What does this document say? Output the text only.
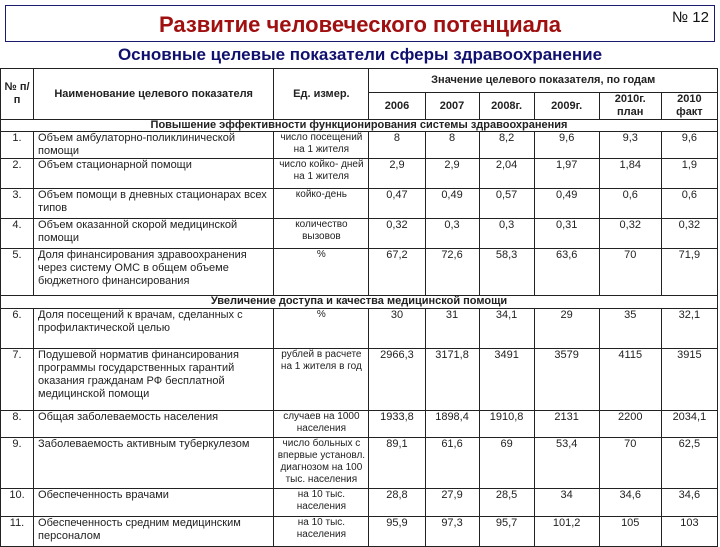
Развитие человеческого потенциала	№ 12
Основные целевые показатели сферы здравоохранение
№ п/п	Наименование целевого показателя	Ед. измер.	Значение целевого показателя, по годам					
			2006	2007	2008г.	2009г.	2010г. план	2010 факт
Повышение эффективности функционирования системы здравоохранения								
1.	Объем амбулаторно-поликлинической помощи	число посещений на 1 жителя	8	8	8,2	9,6	9,3	9,6
2.	Объем стационарной помощи	число койко- дней на 1 жителя	2,9	2,9	2,04	1,97	1,84	1,9
3.	Объем помощи в дневных стационарах всех типов	койко-день	0,47	0,49	0,57	0,49	0,6	0,6
4.	Объем оказанной скорой медицинской помощи	количество вызовов	0,32	0,3	0,3	0,31	0,32	0,32
5.	Доля финансирования здравоохранения через систему ОМС в общем объеме бюджетного финансирования	%	67,2	72,6	58,3	63,6	70	71,9
Увеличение доступа и качества медицинской помощи								
6.	Доля посещений к врачам, сделанных с профилактической целью	%	30	31	34,1	29	35	32,1
7.	Подушевой норматив финансирования программы государственных гарантий оказания гражданам РФ бесплатной медицинской помощи	рублей в расчете на 1 жителя в год	2966,3	3171,8	3491	3579	4115	3915
8.	Общая заболеваемость населения	случаев на 1000 населения	1933,8	1898,4	1910,8	2131	2200	2034,1
9.	Заболеваемость активным туберкулезом	число больных с впервые установл. диагнозом на 100 тыс. населения	89,1	61,6	69	53,4	70	62,5
10.	Обеспеченность врачами	на 10 тыс. населения	28,8	27,9	28,5	34	34,6	34,6
11.	Обеспеченность средним медицинским персоналом	на 10 тыс. населения	95,9	97,3	95,7	101,2	105	103
